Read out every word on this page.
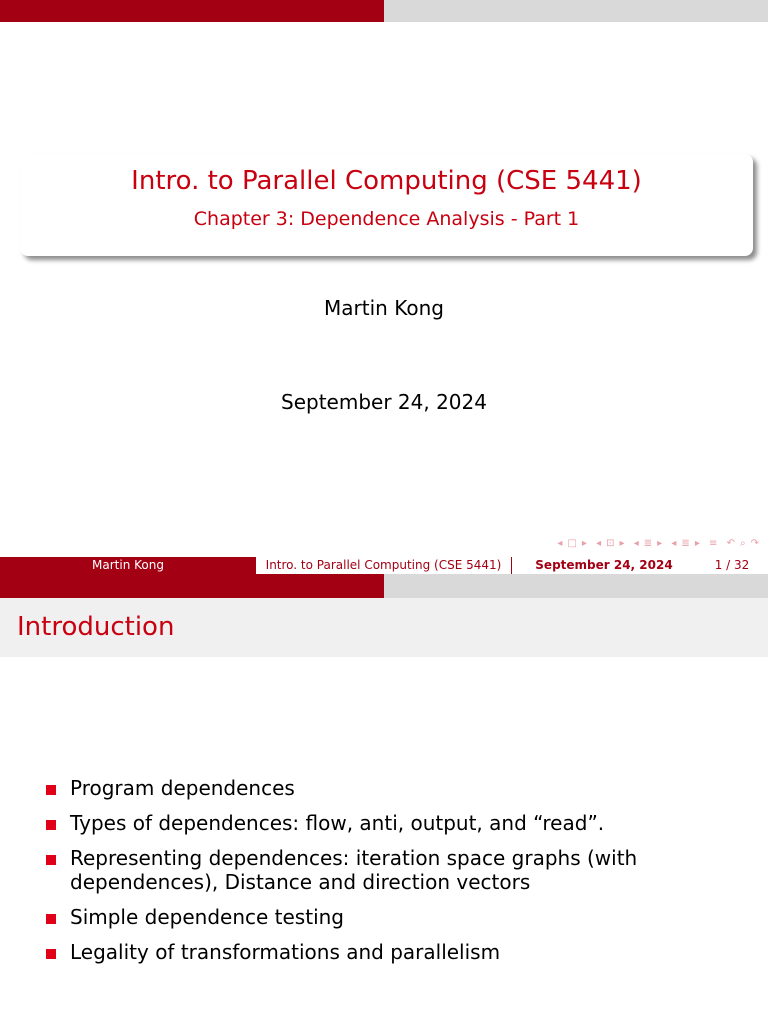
Intro. to Parallel Computing (CSE 5441)
Chapter 3: Dependence Analysis - Part 1
Martin Kong
September 24, 2024
◂ □ ▸ ◂ ⊡ ▸ ◂ ≣ ▸ ◂ ≣ ▸ ≡ ↶ ⌕ ↷
Martin Kong	Intro. to Parallel Computing (CSE 5441)	September 24, 2024	1 / 32
Introduction
Program dependences
Types of dependences: flow, anti, output, and “read”.
Representing dependences: iteration space graphs (with dependences), Distance and direction vectors
Simple dependence testing
Legality of transformations and parallelism
